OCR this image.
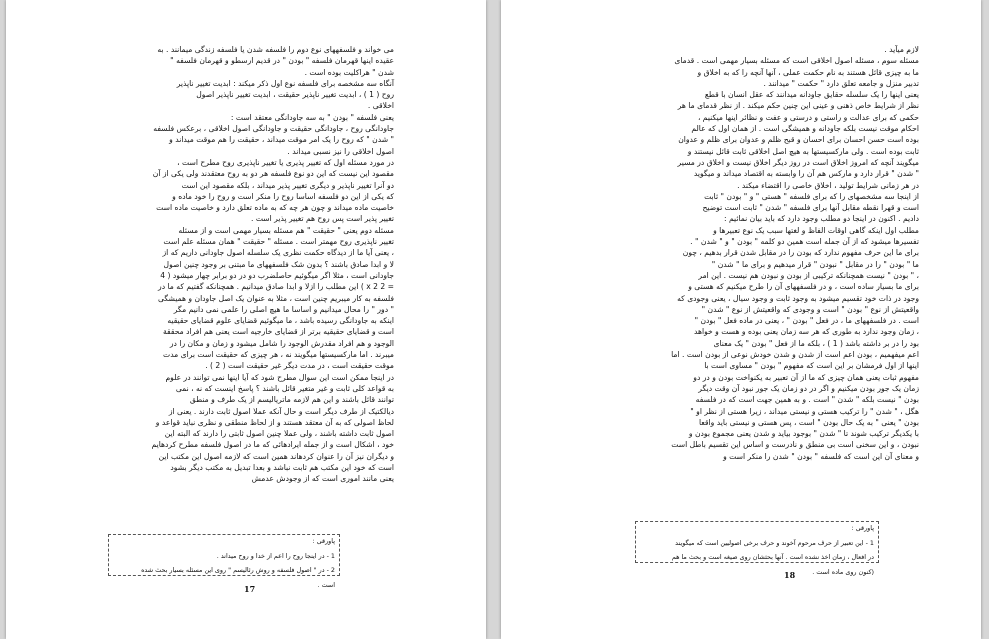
می خواند و فلسفههای نوع دوم را فلسفه شدن یا فلسفه زندگی میمانند . به

عقیده اینها قهرمان فلسفه " بودن " در قدیم ارسطو و قهرمان فلسفه "

شدن " هراکلیت بوده است .

آنگاه سه مشخصه برای فلسفه نوع اول ذکر میکند : ابدیت تغییر ناپذیر

روح ( 1 ) ، ابدیت تغییر ناپذیر حقیقت ، ابدیت تغییر ناپذیر اصول

اخلاقی .

یعنی فلسفه " بودن " به سه جاودانگی معتقد است :

جاودانگی روح ، جاودانگی حقیقت و جاودانگی اصول اخلاقی ، برعکس فلسفه

" شدن " که روح را یک امر موقت میداند ، حقیقت را هم موقت میداند و

اصول اخلاقی را نیز نسبی میداند .

در مورد مسئله اول که تغییر پذیری یا تغییر ناپذیری روح مطرح است ،

مقصود این نیست که این دو نوع فلسفه هر دو به روح معتقدند ولی یکی از آن

دو آنرا تغییر ناپذیر و دیگری تغییر پذیر میداند ، بلکه مقصود این است

که یکی از این دو فلسفه اساسا روح را منکر است و روح را خود ماده و

خاصیت ماده میداند و چون هر چه که به ماده تعلق دارد و خاصیت ماده است

تغییر پذیر است پس روح هم تغییر پذیر است .

مسئله دوم یعنی " حقیقت " هم مسئله بسیار مهمی است و از مسئله

تغییر ناپذیری روح مهمتر است . مسئله " حقیقت " همان مسئله علم است

، یعنی آیا ما از دیدگاه حکمت نظری یک سلسله اصول جاودانی داریم که از

لا و ابدا صادق باشند ؟ بدون شک فلسفههای ما مبتنی بر وجود چنین اصول

جاودانی است ، مثلا اگر میگوئیم حاصلضرب دو در دو برابر چهار میشود ( 4

= 2 x 2 ) این مطلب را ازلا و ابدا صادق میدانیم . همچنانکه گفتیم که ما در

فلسفه به کار میبریم چنین است ، مثلا به عنوان یک اصل جاودان و همیشگی

" دور " را محال میدانیم و اساسا ما هیچ اصلی را علمی نمی دانیم مگر

اینکه به جاودانگی رسیده باشد ، ما میگوئیم قضایای علوم قضایای حقیقیه

است و قضایای حقیقیه برتر از قضایای خارجیه است یعنی هم افراد محققة

الوجود و هم افراد مقدرش الوجود را شامل میشود و زمان و مکان را در

میبرند . اما مارکسیستها میگویند نه ، هر چیزی که حقیقت است برای مدت

موقت حقیقت است ، در مدت دیگر غیر حقیقت است ( 2 ) .

در اینجا ممکن است این سوال مطرح شود که آیا اینها نمی توانند در علوم

به قواعد کلی ثابت و غیر متغیر قائل باشند ؟ پاسخ اینست که نه ، نمی

توانند قائل باشند و این هم لازمه ماتریالیسم از یک طرف و منطق

دیالکتیک از طرف دیگر است و حال آنکه عملا اصول ثابت دارند . یعنی از

لحاظ اصولی که به آن معتقد هستند و از لحاظ منطقی و نظری نباید قواعد و

اصول ثابت داشته باشند ، ولی عملا چنین اصول ثابتی را دارند که البته این

خود ، اشکال است و از جمله ایرادهائی که ما در اصول فلسفه مطرح کردهایم

و دیگران نیز آن را عنوان کردهاند همین است که لازمه اصول این مکتب این

است که خود این مکتب هم ثابت نباشد و بعدا تبدیل به مکتب دیگر بشود

یعنی مانند اموری است که از وجودش عدمش

پاورقی :

1 - در اینجا روح را اعم از خدا و روح میداند .

2 - در " اصول فلسفه و روش رئالیسم " روی این مسئله بسیار بحث شده

است .

17

لازم میآید .

مسئله سوم ، مسئله اصول اخلاقی است که مسئله بسیار مهمی است . قدمای

ما به چیزی قائل هستند به نام حکمت عملی ، آنها آنچه را که به اخلاق و

تدبیر منزل و جامعه تعلق دارد " حکمت " میدانند .

یعنی اینها را یک سلسله حقایق جاودانه میدانند که عقل انسان با قطع

نظر از شرایط خاص ذهنی و عینی این چنین حکم میکند . از نظر قدمای ما هر

حکمی که برای عدالت و راستی و درستی و عفت و نظائر اینها میکنیم ،

احکام موقت نیست بلکه جاودانه و همیشگی است . از همان اول که عالم

بوده است حسن احسان برای احسان و قبح ظلم و عدوان برای ظلم و عدوان

ثابت بوده است . ولی مارکسیستها به هیچ اصل اخلاقی ثابت قائل نیستند و

میگویند آنچه که امروز اخلاق است در روز دیگر اخلاق نیست و اخلاق در مسیر

" شدن " قرار دارد و مارکس هم آن را وابسته به اقتصاد میداند و میگوید

در هر زمانی شرایط تولید ، اخلاق خاصی را اقتضاء میکند .

از اینجا سه مشخصهای را که برای فلسفه " هستی " و " بودن " ثابت

است و قهرا نقطه مقابل آنها برای فلسفه " شدن " ثابت است توضیح

دادیم . اکنون در اینجا دو مطلب وجود دارد که باید بیان نمائیم :

مطلب اول اینکه گاهی اوقات الفاظ و لغتها سبب یک نوع تعبیرها و

تفسیرها میشود که از آن جمله است همین دو کلمه " بودن " و " شدن " .

برای ما این حرف مفهوم ندارد که بودن را در مقابل شدن قرار بدهیم ، چون

ما " بودن " را در مقابل " نبودن " قرار میدهیم و برای ما " شدن "

، " بودن " نیست همچنانکه ترکیبی از بودن و نبودن هم نیست . این امر

برای ما بسیار ساده است ، و در فلسفههای آن را طرح میکنیم که هستی و

وجود در ذات خود تقسیم میشود به وجود ثابت و وجود سیال ، یعنی وجودی که

واقعیتش از نوع " بودن " است و وجودی که واقعیتش از نوع " شدن "

است . در فلسفههای ما ، در فعل " بودن " ، یعنی در ماده فعل " بودن "

، زمان وجود ندارد به طوری که هر سه زمان یعنی بوده و هست و خواهد

بود را در بر داشته باشد ( 1 ) ، بلکه ما از فعل " بودن " یک معنای

اعم میفهمیم ، بودن اعم است از شدن و شدن خودش نوعی از بودن است . اما

اینها از اول فرمشان بر این است که مفهوم " بودن " مساوی است با

مفهوم ثبات یعنی همان چیزی که ما از آن تعبیر به یکنواخت بودن و در دو

زمان یک جور بودن میکنیم و اگر در دو زمان یک جور نبود آن وقت دیگر

بودن " نیست بلکه " شدن " است . و به همین جهت است که در فلسفه

هگل ، " شدن " را ترکیب هستی و نیستی میداند ، زیرا هستی از نظر او "

بودن " یعنی " به یک حال بودن " است ، پس هستی و نیستی باید واقعا

با یکدیگر ترکیب شوند تا " شدن " بوجود بیاید و شدن یعنی مجموع بودن و

نبودن ، و این سخنی است بی منطق و نادرست و اساس این تقسیم باطل است

و معنای آن این است که فلسفه " بودن " شدن را منکر است و

پاورقی :

1 - این تعبیر از حرف مرحوم آخوند و حرف برخی اصولیین است که میگویند

در افعال ، زمان اخذ نشده است . آنها بحثشان روی صیغه است و بحث ما هم

(کنون روی ماده است .

18
